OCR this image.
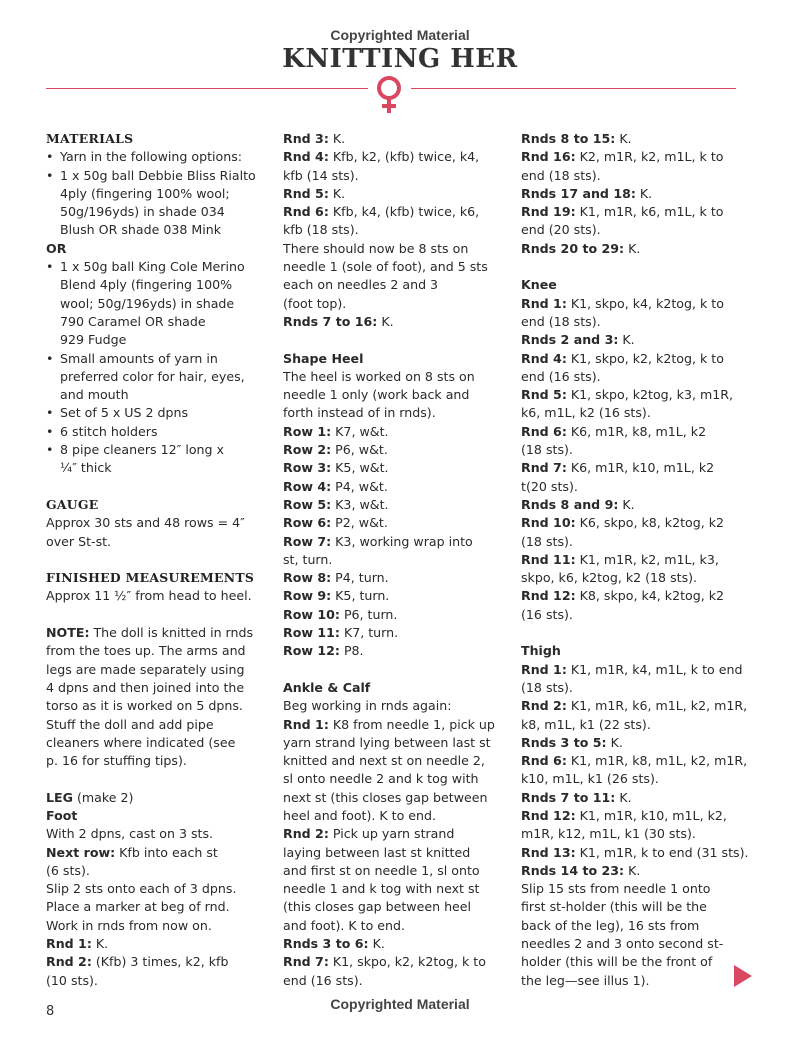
Copyrighted Material
KNITTING HER
MATERIALS
• Yarn in the following options:
• 1 x 50g ball Debbie Bliss Rialto
4ply (fingering 100% wool;
50g/196yds) in shade 034
Blush OR shade 038 Mink
OR
• 1 x 50g ball King Cole Merino
Blend 4ply (fingering 100%
wool; 50g/196yds) in shade
790 Caramel OR shade
929 Fudge
• Small amounts of yarn in
preferred color for hair, eyes,
and mouth
• Set of 5 x US 2 dpns
• 6 stitch holders
• 8 pipe cleaners 12″ long x
¼″ thick
GAUGE
Approx 30 sts and 48 rows = 4″
over St-st.
FINISHED MEASUREMENTS
Approx 11 ½″ from head to heel.
NOTE: The doll is knitted in rnds
from the toes up. The arms and
legs are made separately using
4 dpns and then joined into the
torso as it is worked on 5 dpns.
Stuff the doll and add pipe
cleaners where indicated (see
p. 16 for stuffing tips).
LEG (make 2)
Foot
With 2 dpns, cast on 3 sts.
Next row: Kfb into each st
(6 sts).
Slip 2 sts onto each of 3 dpns.
Place a marker at beg of rnd.
Work in rnds from now on.
Rnd 1: K.
Rnd 2: (Kfb) 3 times, k2, kfb
(10 sts).
Rnd 3: K.
Rnd 4: Kfb, k2, (kfb) twice, k4,
kfb (14 sts).
Rnd 5: K.
Rnd 6: Kfb, k4, (kfb) twice, k6,
kfb (18 sts).
There should now be 8 sts on
needle 1 (sole of foot), and 5 sts
each on needles 2 and 3
(foot top).
Rnds 7 to 16: K.
Shape Heel
The heel is worked on 8 sts on
needle 1 only (work back and
forth instead of in rnds).
Row 1: K7, w&t.
Row 2: P6, w&t.
Row 3: K5, w&t.
Row 4: P4, w&t.
Row 5: K3, w&t.
Row 6: P2, w&t.
Row 7: K3, working wrap into
st, turn.
Row 8: P4, turn.
Row 9: K5, turn.
Row 10: P6, turn.
Row 11: K7, turn.
Row 12: P8.
Ankle & Calf
Beg working in rnds again:
Rnd 1: K8 from needle 1, pick up
yarn strand lying between last st
knitted and next st on needle 2,
sl onto needle 2 and k tog with
next st (this closes gap between
heel and foot). K to end.
Rnd 2: Pick up yarn strand
laying between last st knitted
and first st on needle 1, sl onto
needle 1 and k tog with next st
(this closes gap between heel
and foot). K to end.
Rnds 3 to 6: K.
Rnd 7: K1, skpo, k2, k2tog, k to
end (16 sts).
Rnds 8 to 15: K.
Rnd 16: K2, m1R, k2, m1L, k to
end (18 sts).
Rnds 17 and 18: K.
Rnd 19: K1, m1R, k6, m1L, k to
end (20 sts).
Rnds 20 to 29: K.
Knee
Rnd 1: K1, skpo, k4, k2tog, k to
end (18 sts).
Rnds 2 and 3: K.
Rnd 4: K1, skpo, k2, k2tog, k to
end (16 sts).
Rnd 5: K1, skpo, k2tog, k3, m1R,
k6, m1L, k2 (16 sts).
Rnd 6: K6, m1R, k8, m1L, k2
(18 sts).
Rnd 7: K6, m1R, k10, m1L, k2
t(20 sts).
Rnds 8 and 9: K.
Rnd 10: K6, skpo, k8, k2tog, k2
(18 sts).
Rnd 11: K1, m1R, k2, m1L, k3,
skpo, k6, k2tog, k2 (18 sts).
Rnd 12: K8, skpo, k4, k2tog, k2
(16 sts).
Thigh
Rnd 1: K1, m1R, k4, m1L, k to end
(18 sts).
Rnd 2: K1, m1R, k6, m1L, k2, m1R,
k8, m1L, k1 (22 sts).
Rnds 3 to 5: K.
Rnd 6: K1, m1R, k8, m1L, k2, m1R,
k10, m1L, k1 (26 sts).
Rnds 7 to 11: K.
Rnd 12: K1, m1R, k10, m1L, k2,
m1R, k12, m1L, k1 (30 sts).
Rnd 13: K1, m1R, k to end (31 sts).
Rnds 14 to 23: K.
Slip 15 sts from needle 1 onto
first st-holder (this will be the
back of the leg), 16 sts from
needles 2 and 3 onto second st-
holder (this will be the front of
the leg—see illus 1).
Copyrighted Material
8
